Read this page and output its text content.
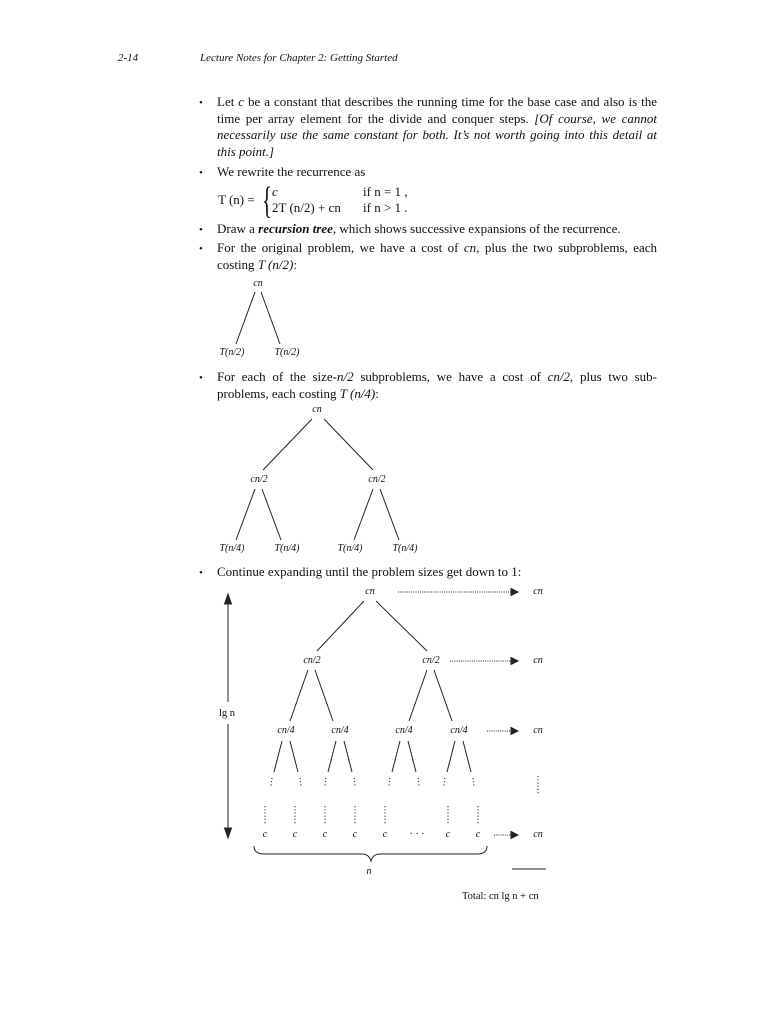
2-14	Lecture Notes for Chapter 2: Getting Started
• Let c be a constant that describes the running time for the base case and also is the time per array element for the divide and conquer steps. [Of course, we cannot necessarily use the same constant for both. It’s not worth going into this detail at this point.]
• We rewrite the recurrence as
T (n) = { c	if n = 1 ,
2T (n/2) + cn if n > 1 .
• Draw a recursion tree, which shows successive expansions of the recurrence.
• For the original problem, we have a cost of cn, plus the two subproblems, each costing T (n/2):
cn
T(n/2)	T(n/2)
• For each of the size-n/2 subproblems, we have a cost of cn/2, plus two sub-problems, each costing T (n/4):
cn
cn/2	cn/2
T(n/4)	T(n/4)	T(n/4)	T(n/4)
• Continue expanding until the problem sizes get down to 1:
cn
cn/2	cn/2
cn/4	cn/4	cn/4	cn/4
c	c	c	c	c · · · c	c
lg n
n
cn
cn
cn
cn
Total: cn lg n + cn
